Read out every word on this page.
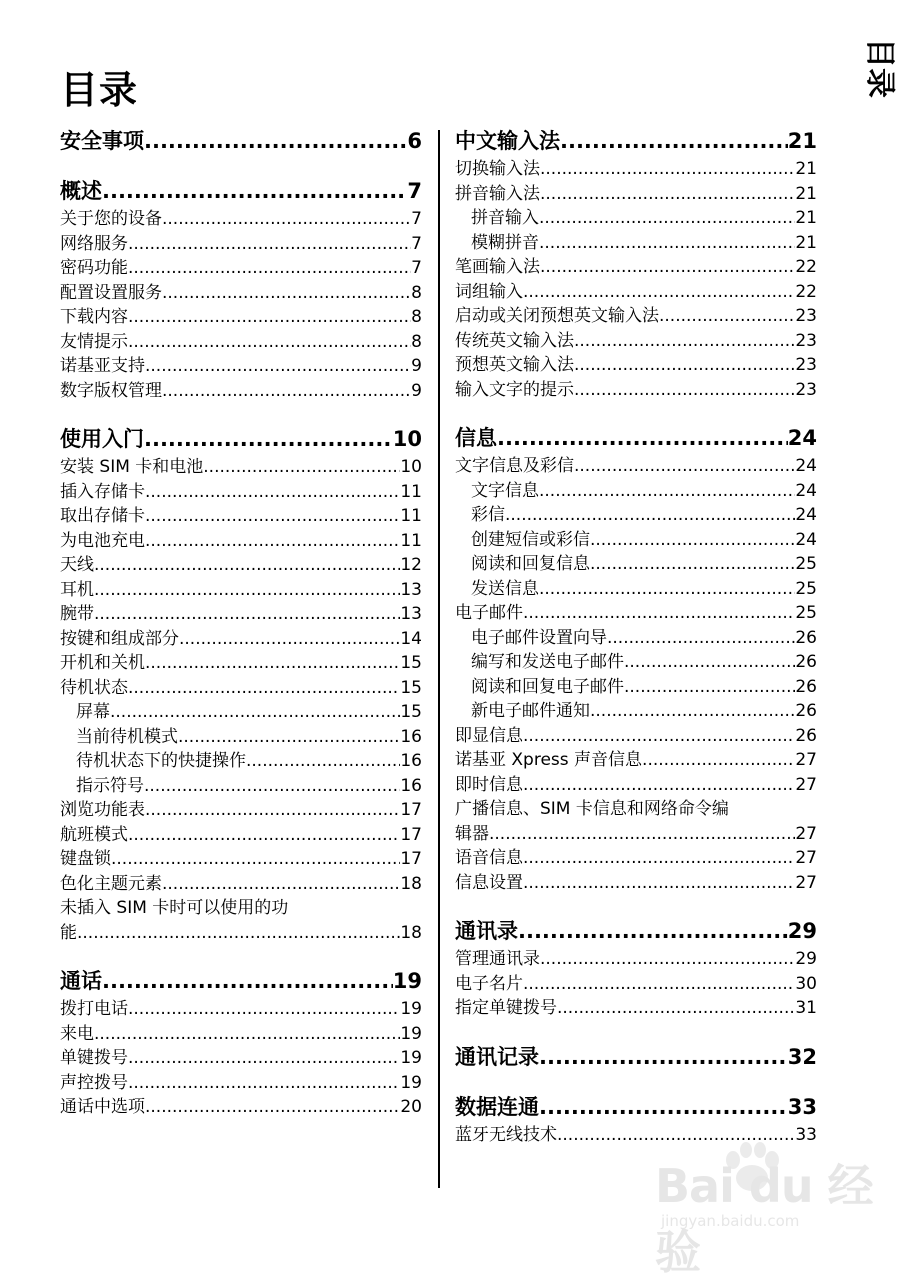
目录	目录
安全事项 .....	6
概述 .....	7
关于您的设备 .....	7
网络服务 .....	7
密码功能 .....	7
配置设置服务 .....	8
下载内容 .....	8
友情提示 .....	8
诺基亚支持 .....	9
数字版权管理 .....	9
使用入门 .....	10
安装 SIM 卡和电池 .....	10
插入存储卡 .....	11
取出存储卡 .....	11
为电池充电 .....	11
天线 .....	12
耳机 .....	13
腕带 .....	13
按键和组成部分 .....	14
开机和关机 .....	15
待机状态 .....	15
屏幕 .....	15
当前待机模式 .....	16
待机状态下的快捷操作 .....	16
指示符号 .....	16
浏览功能表 .....	17
航班模式 .....	17
键盘锁 .....	17
色化主题元素 .....	18
未插入 SIM 卡时可以使用的功
能 .....	18
通话 .....	19
拨打电话 .....	19
来电 .....	19
单键拨号 .....	19
声控拨号 .....	19
通话中选项 .....	20
中文输入法 .....	21
切换输入法 .....	21
拼音输入法 .....	21
拼音输入 .....	21
模糊拼音 .....	21
笔画输入法 .....	22
词组输入 .....	22
启动或关闭预想英文输入法 .....	23
传统英文输入法 .....	23
预想英文输入法 .....	23
输入文字的提示 .....	23
信息 .....	24
文字信息及彩信 .....	24
文字信息 .....	24
彩信 .....	24
创建短信或彩信 .....	24
阅读和回复信息 .....	25
发送信息 .....	25
电子邮件 .....	25
电子邮件设置向导 .....	26
编写和发送电子邮件 .....	26
阅读和回复电子邮件 .....	26
新电子邮件通知 .....	26
即显信息 .....	26
诺基亚 Xpress 声音信息 .....	27
即时信息 .....	27
广播信息、SIM 卡信息和网络命令编
辑器 .....	27
语音信息 .....	27
信息设置 .....	27
通讯录 .....	29
管理通讯录 .....	29
电子名片 .....	30
指定单键拨号 .....	31
通讯记录 .....	32
数据连通 .....	33
蓝牙无线技术 .....	33
Bai du 经验
jingyan.baidu.com
